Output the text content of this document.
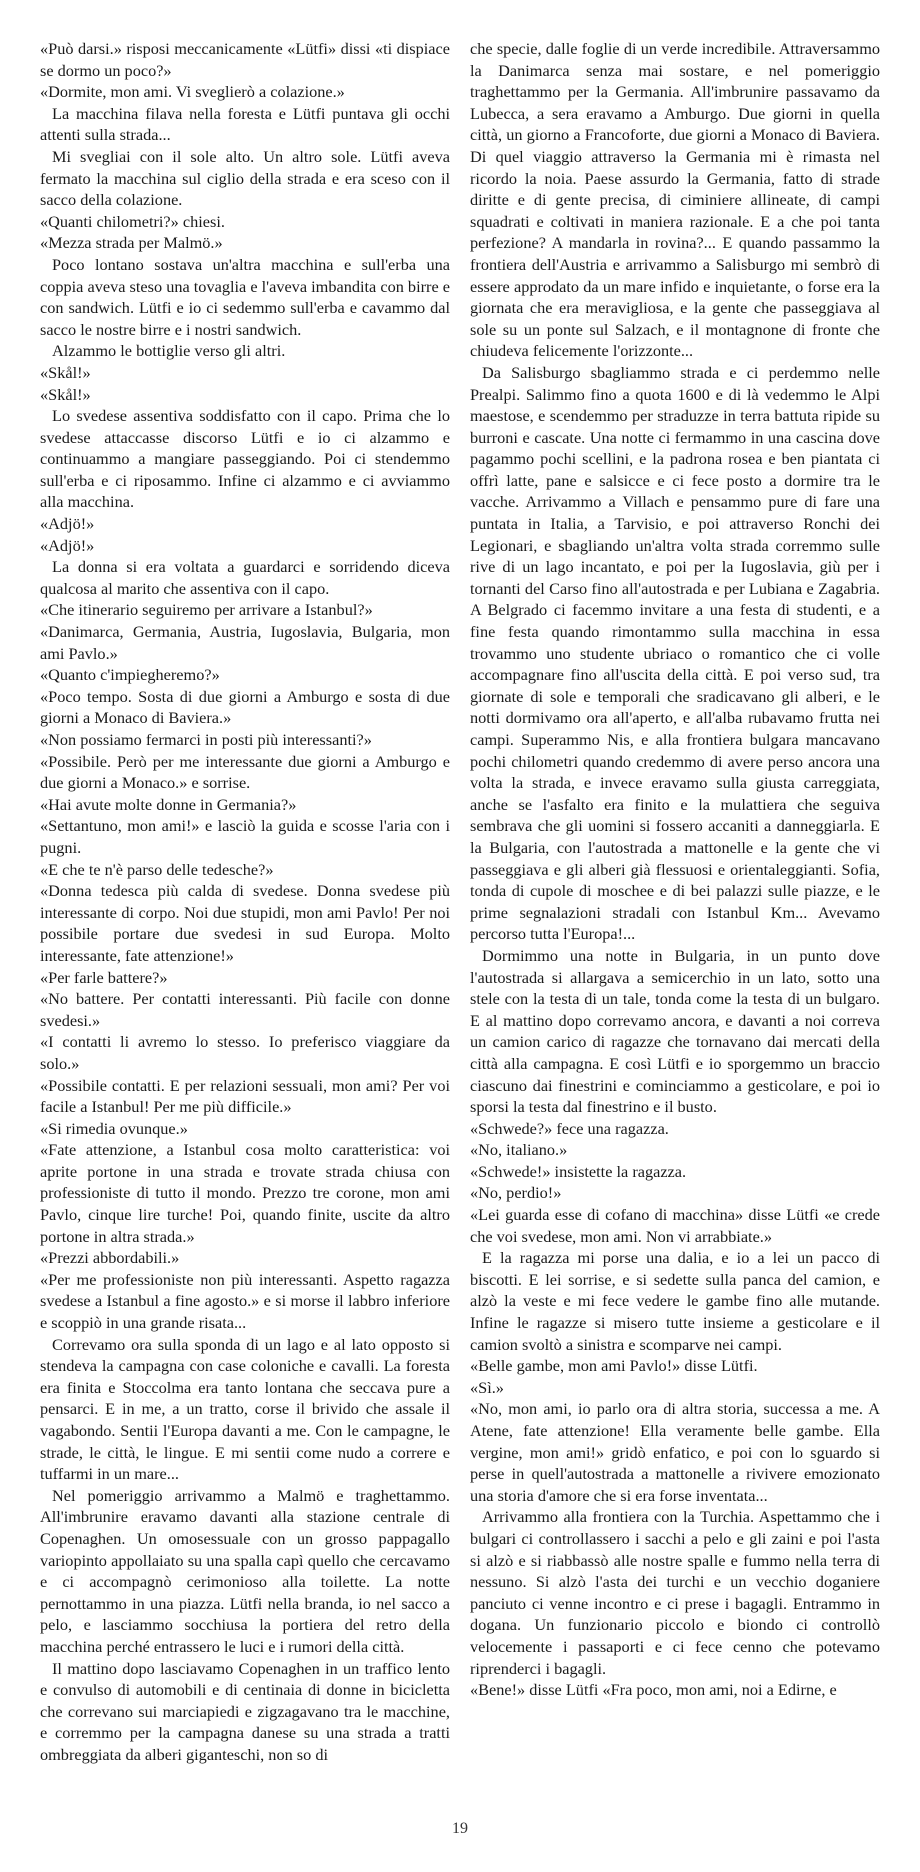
«Può darsi.» risposi meccanicamente «Lütfi» dissi «ti dispiace se dormo un poco?»

«Dormite, mon ami. Vi sveglierò a colazione.»

La macchina filava nella foresta e Lütfi puntava gli occhi attenti sulla strada...

Mi svegliai con il sole alto. Un altro sole. Lütfi aveva fermato la macchina sul ciglio della strada e era sceso con il sacco della colazione.

«Quanti chilometri?» chiesi.

«Mezza strada per Malmö.»

Poco lontano sostava un'altra macchina e sull'erba una coppia aveva steso una tovaglia e l'aveva imbandita con birre e con sandwich. Lütfi e io ci sedemmo sull'erba e cavammo dal sacco le nostre birre e i nostri sandwich.

Alzammo le bottiglie verso gli altri.

«Skål!»

«Skål!»

Lo svedese assentiva soddisfatto con il capo. Prima che lo svedese attaccasse discorso Lütfi e io ci alzammo e continuammo a mangiare passeggiando. Poi ci stendemmo sull'erba e ci riposammo. Infine ci alzammo e ci avviammo alla macchina.

«Adjö!»

«Adjö!»

La donna si era voltata a guardarci e sorridendo diceva qualcosa al marito che assentiva con il capo.

«Che itinerario seguiremo per arrivare a Istanbul?»

«Danimarca, Germania, Austria, Iugoslavia, Bulgaria, mon ami Pavlo.»

«Quanto c'impiegheremo?»

«Poco tempo. Sosta di due giorni a Amburgo e sosta di due giorni a Monaco di Baviera.»

«Non possiamo fermarci in posti più interessanti?»

«Possibile. Però per me interessante due giorni a Amburgo e due giorni a Monaco.» e sorrise.

«Hai avute molte donne in Germania?»

«Settantuno, mon ami!» e lasciò la guida e scosse l'aria con i pugni.

«E che te n'è parso delle tedesche?»

«Donna tedesca più calda di svedese. Donna svedese più interessante di corpo. Noi due stupidi, mon ami Pavlo! Per noi possibile portare due svedesi in sud Europa. Molto interessante, fate attenzione!»

«Per farle battere?»

«No battere. Per contatti interessanti. Più facile con donne svedesi.»

«I contatti li avremo lo stesso. Io preferisco viaggiare da solo.»

«Possibile contatti. E per relazioni sessuali, mon ami? Per voi facile a Istanbul! Per me più difficile.»

«Si rimedia ovunque.»

«Fate attenzione, a Istanbul cosa molto caratteristica: voi aprite portone in una strada e trovate strada chiusa con professioniste di tutto il mondo. Prezzo tre corone, mon ami Pavlo, cinque lire turche! Poi, quando finite, uscite da altro portone in altra strada.»

«Prezzi abbordabili.»

«Per me professioniste non più interessanti. Aspetto ragazza svedese a Istanbul a fine agosto.» e si morse il labbro inferiore e scoppiò in una grande risata...

Correvamo ora sulla sponda di un lago e al lato opposto si stendeva la campagna con case coloniche e cavalli. La foresta era finita e Stoccolma era tanto lontana che seccava pure a pensarci. E in me, a un tratto, corse il brivido che assale il vagabondo. Sentii l'Europa davanti a me. Con le campagne, le strade, le città, le lingue. E mi sentii come nudo a correre e tuffarmi in un mare...

Nel pomeriggio arrivammo a Malmö e traghettammo. All'imbrunire eravamo davanti alla stazione centrale di Copenaghen. Un omosessuale con un grosso pappagallo variopinto appollaiato su una spalla capì quello che cercavamo e ci accompagnò cerimonioso alla toilette. La notte pernottammo in una piazza. Lütfi nella branda, io nel sacco a pelo, e lasciammo socchiusa la portiera del retro della macchina perché entrassero le luci e i rumori della città.

Il mattino dopo lasciavamo Copenaghen in un traffico lento e convulso di automobili e di centinaia di donne in bicicletta che correvano sui marciapiedi e zigzagavano tra le macchine, e corremmo per la campagna danese su una strada a tratti ombreggiata da alberi giganteschi, non so di

che specie, dalle foglie di un verde incredibile. Attraversammo la Danimarca senza mai sostare, e nel pomeriggio traghettammo per la Germania. All'imbrunire passavamo da Lubecca, a sera eravamo a Amburgo. Due giorni in quella città, un giorno a Francoforte, due giorni a Monaco di Baviera. Di quel viaggio attraverso la Germania mi è rimasta nel ricordo la noia. Paese assurdo la Germania, fatto di strade diritte e di gente precisa, di ciminiere allineate, di campi squadrati e coltivati in maniera razionale. E a che poi tanta perfezione? A mandarla in rovina?... E quando passammo la frontiera dell'Austria e arrivammo a Salisburgo mi sembrò di essere approdato da un mare infido e inquietante, o forse era la giornata che era meravigliosa, e la gente che passeggiava al sole su un ponte sul Salzach, e il montagnone di fronte che chiudeva felicemente l'orizzonte...

Da Salisburgo sbagliammo strada e ci perdemmo nelle Prealpi. Salimmo fino a quota 1600 e di là vedemmo le Alpi maestose, e scendemmo per straduzze in terra battuta ripide su burroni e cascate. Una notte ci fermammo in una cascina dove pagammo pochi scellini, e la padrona rosea e ben piantata ci offrì latte, pane e salsicce e ci fece posto a dormire tra le vacche. Arrivammo a Villach e pensammo pure di fare una puntata in Italia, a Tarvisio, e poi attraverso Ronchi dei Legionari, e sbagliando un'altra volta strada corremmo sulle rive di un lago incantato, e poi per la Iugoslavia, giù per i tornanti del Carso fino all'autostrada e per Lubiana e Zagabria. A Belgrado ci facemmo invitare a una festa di studenti, e a fine festa quando rimontammo sulla macchina in essa trovammo uno studente ubriaco o romantico che ci volle accompagnare fino all'uscita della città. E poi verso sud, tra giornate di sole e temporali che sradicavano gli alberi, e le notti dormivamo ora all'aperto, e all'alba rubavamo frutta nei campi. Superammo Nis, e alla frontiera bulgara mancavano pochi chilometri quando credemmo di avere perso ancora una volta la strada, e invece eravamo sulla giusta carreggiata, anche se l'asfalto era finito e la mulattiera che seguiva sembrava che gli uomini si fossero accaniti a danneggiarla. E la Bulgaria, con l'autostrada a mattonelle e la gente che vi passeggiava e gli alberi già flessuosi e orientaleggianti. Sofia, tonda di cupole di moschee e di bei palazzi sulle piazze, e le prime segnalazioni stradali con Istanbul Km... Avevamo percorso tutta l'Europa!...

Dormimmo una notte in Bulgaria, in un punto dove l'autostrada si allargava a semicerchio in un lato, sotto una stele con la testa di un tale, tonda come la testa di un bulgaro. E al mattino dopo correvamo ancora, e davanti a noi correva un camion carico di ragazze che tornavano dai mercati della città alla campagna. E così Lütfi e io sporgemmo un braccio ciascuno dai finestrini e cominciammo a gesticolare, e poi io sporsi la testa dal finestrino e il busto.

«Schwede?» fece una ragazza.

«No, italiano.»

«Schwede!» insistette la ragazza.

«No, perdio!»

«Lei guarda esse di cofano di macchina» disse Lütfi «e crede che voi svedese, mon ami. Non vi arrabbiate.»

E la ragazza mi porse una dalia, e io a lei un pacco di biscotti. E lei sorrise, e si sedette sulla panca del camion, e alzò la veste e mi fece vedere le gambe fino alle mutande. Infine le ragazze si misero tutte insieme a gesticolare e il camion svoltò a sinistra e scomparve nei campi.

«Belle gambe, mon ami Pavlo!» disse Lütfi.

«Sì.»

«No, mon ami, io parlo ora di altra storia, successa a me. A Atene, fate attenzione! Ella veramente belle gambe. Ella vergine, mon ami!» gridò enfatico, e poi con lo sguardo si perse in quell'autostrada a mattonelle a rivivere emozionato una storia d'amore che si era forse inventata...

Arrivammo alla frontiera con la Turchia. Aspettammo che i bulgari ci controllassero i sacchi a pelo e gli zaini e poi l'asta si alzò e si riabbassò alle nostre spalle e fummo nella terra di nessuno. Si alzò l'asta dei turchi e un vecchio doganiere panciuto ci venne incontro e ci prese i bagagli. Entrammo in dogana. Un funzionario piccolo e biondo ci controllò velocemente i passaporti e ci fece cenno che potevamo riprenderci i bagagli.

«Bene!» disse Lütfi «Fra poco, mon ami, noi a Edirne, e

19
